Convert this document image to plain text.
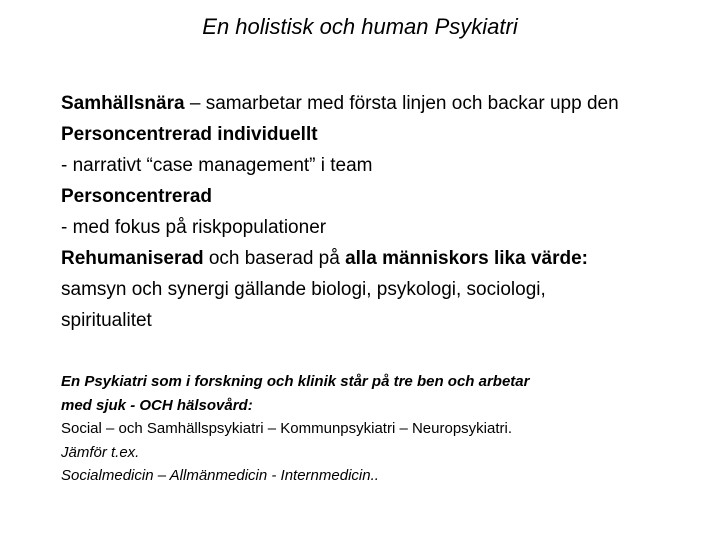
En holistisk och human Psykiatri
Samhällsnära – samarbetar med första linjen och backar upp den
Personcentrerad individuellt
- narrativt “case management” i team
Personcentrerad
- med fokus på riskpopulationer
Rehumaniserad och baserad på alla människors lika värde:
samsyn och synergi gällande biologi, psykologi, sociologi,
spiritualitet
En Psykiatri som i forskning och klinik står på tre ben och arbetar
med sjuk - OCH hälsovård:
Social – och Samhällspsykiatri – Kommunpsykiatri – Neuropsykiatri.
Jämför t.ex.
Socialmedicin – Allmänmedicin - Internmedicin..
